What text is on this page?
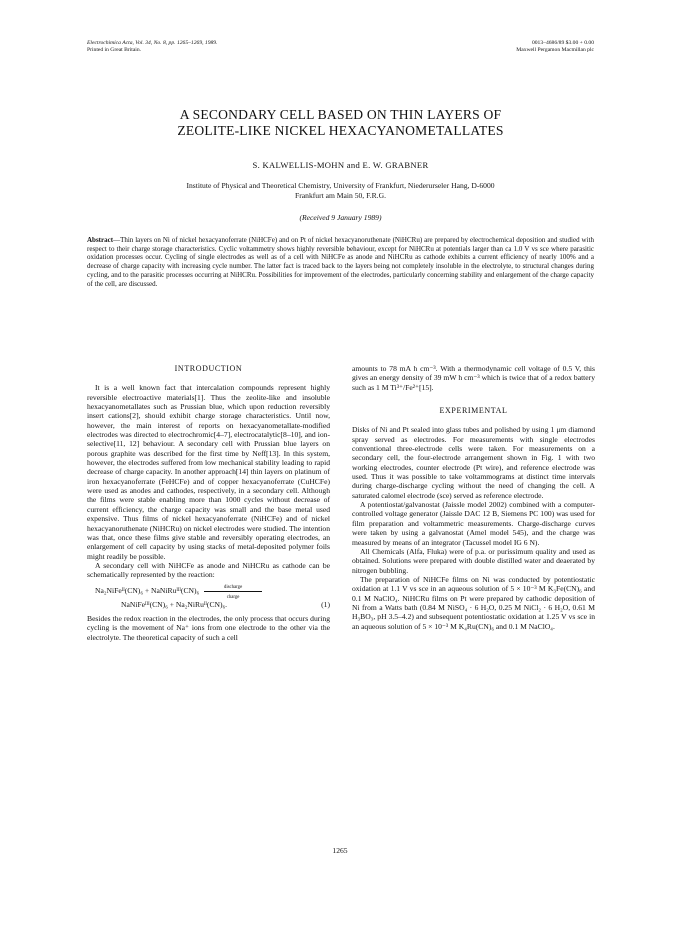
Electrochimica Acta, Vol. 34, No. 8, pp. 1265–1269, 1989.
Printed in Great Britain.
0013–4686/89 $3.00 + 0.00
Maxwell Pergamon Macmillan plc
A SECONDARY CELL BASED ON THIN LAYERS OF
ZEOLITE-LIKE NICKEL HEXACYANOMETALLATES
S. KALWELLIS-MOHN and E. W. GRABNER
Institute of Physical and Theoretical Chemistry, University of Frankfurt, Niederurseler Hang, D-6000
Frankfurt am Main 50, F.R.G.
(Received 9 January 1989)
Abstract—Thin layers on Ni of nickel hexacyanoferrate (NiHCFe) and on Pt of nickel hexacyanoruthenate (NiHCRu) are prepared by electrochemical deposition and studied with respect to their charge storage characteristics. Cyclic voltammetry shows highly reversible behaviour, except for NiHCRu at potentials larger than ca 1.0 V vs sce where parasitic oxidation processes occur. Cycling of single electrodes as well as of a cell with NiHCFe as anode and NiHCRu as cathode exhibits a current efficiency of nearly 100% and a decrease of charge capacity with increasing cycle number. The latter fact is traced back to the layers being not completely insoluble in the electrolyte, to structural changes during cycling, and to the parasitic processes occurring at NiHCRu. Possibilities for improvement of the electrodes, particularly concerning stability and enlargement of the charge capacity of the cell, are discussed.
INTRODUCTION

It is a well known fact that intercalation compounds represent highly reversible electroactive materials[1]. Thus the zeolite-like and insoluble hexacyanometallates such as Prussian blue, which upon reduction reversibly insert cations[2], should exhibit charge storage characteristics. Until now, however, the main interest of reports on hexacyanometallate-modified electrodes was directed to electrochromic[4–7], electrocatalytic[8–10], and ion-selective[11, 12] behaviour. A secondary cell with Prussian blue layers on porous graphite was described for the first time by Neff[13]. In this system, however, the electrodes suffered from low mechanical stability leading to rapid decrease of charge capacity. In another approach[14] thin layers on platinum of iron hexacyanoferrate (FeHCFe) and of copper hexacyanoferrate (CuHCFe) were used as anodes and cathodes, respectively, in a secondary cell. Although the films were stable enabling more than 1000 cycles without decrease of current efficiency, the charge capacity was small and the base metal used expensive. Thus films of nickel hexacyanoferrate (NiHCFe) and of nickel hexacyanoruthenate (NiHCRu) on nickel electrodes were studied. The intention was that, once these films give stable and reversibly operating electrodes, an enlargement of cell capacity by using stacks of metal-deposited polymer foils might readily be possible.

A secondary cell with NiHCFe as anode and NiHCRu as cathode can be schematically represented by the reaction:

Na₂NiFeᴵᴵ(CN)₆ + NaNiRuᴵᴵᴵ(CN)₆	discharge
charge
NaNiFeᴵᴵᴵ(CN)₆ + Na₂NiRuᴵᴵ(CN)₆.	(1)

Besides the redox reaction in the electrodes, the only process that occurs during cycling is the movement of Na⁺ ions from one electrode to the other via the electrolyte. The theoretical capacity of such a cell

amounts to 78 mA h cm⁻³. With a thermodynamic cell voltage of 0.5 V, this gives an energy density of 39 mW h cm⁻³ which is twice that of a redox battery such as 1 M Ti³⁺/Fe²⁺[15].

EXPERIMENTAL

Disks of Ni and Pt sealed into glass tubes and polished by using 1 μm diamond spray served as electrodes. For measurements with single electrodes conventional three-electrode cells were taken. For measurements on a secondary cell, the four-electrode arrangement shown in Fig. 1 with two working electrodes, counter electrode (Pt wire), and reference electrode was used. Thus it was possible to take voltammograms at distinct time intervals during charge-discharge cycling without the need of changing the cell. A saturated calomel electrode (sce) served as reference electrode.

A potentiostat/galvanostat (Jaissle model 2002) combined with a computer-controlled voltage generator (Jaissle DAC 12 B, Siemens PC 100) was used for film preparation and voltammetric measurements. Charge-discharge curves were taken by using a galvanostat (Amel model 545), and the charge was measured by means of an integrator (Tacussel model IG 6 N).

All Chemicals (Alfa, Fluka) were of p.a. or purissimum quality and used as obtained. Solutions were prepared with double distilled water and deaerated by nitrogen bubbling.

The preparation of NiHCFe films on Ni was conducted by potentiostatic oxidation at 1.1 V vs sce in an aqueous solution of 5 × 10⁻³ M K₃Fe(CN)₆ and 0.1 M NaClO₄. NiHCRu films on Pt were prepared by cathodic deposition of Ni from a Watts bath (0.84 M NiSO₄ · 6 H₂O, 0.25 M NiCl₂ · 6 H₂O, 0.61 M H₃BO₃, pH 3.5–4.2) and subsequent potentiostatic oxidation at 1.25 V vs sce in an aqueous solution of 5 × 10⁻³ M K₄Ru(CN)₆ and 0.1 M NaClO₄.

1265
